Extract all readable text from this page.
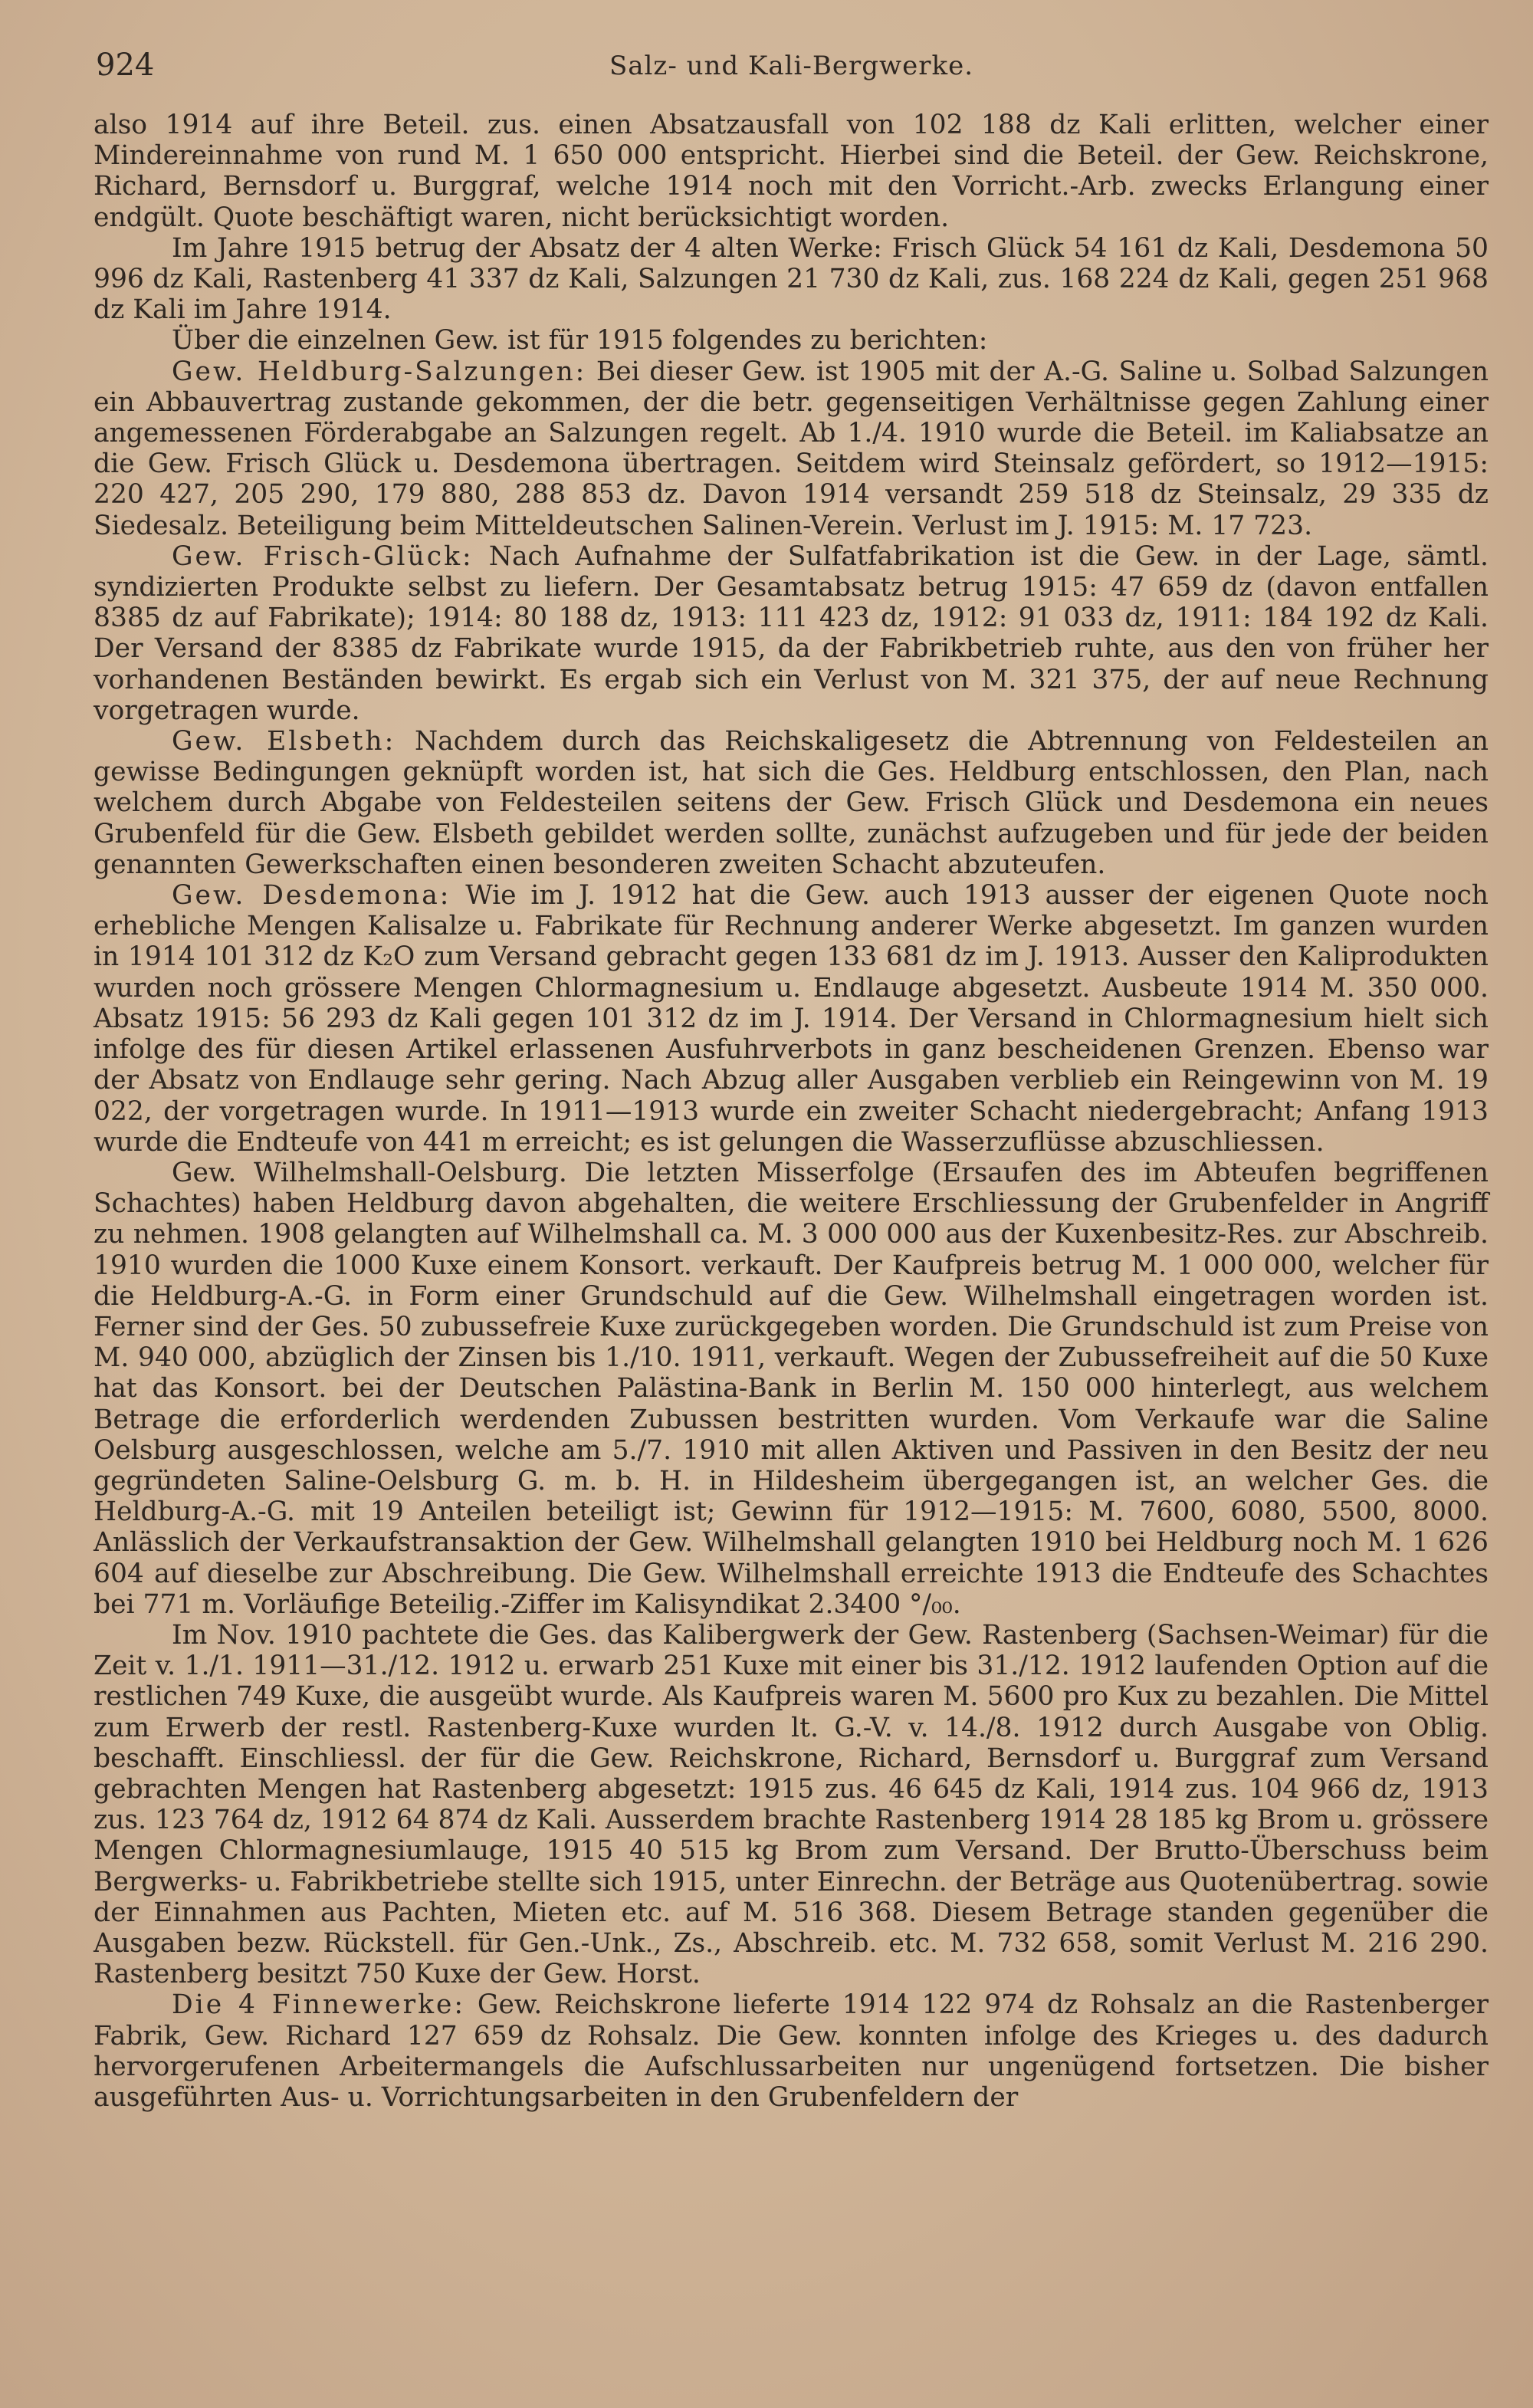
924	Salz- und Kali-Bergwerke.

also 1914 auf ihre Beteil. zus. einen Absatzausfall von 102 188 dz Kali erlitten, welcher einer Mindereinnahme von rund M. 1 650 000 entspricht. Hierbei sind die Beteil. der Gew. Reichskrone, Richard, Bernsdorf u. Burggraf, welche 1914 noch mit den Vorricht.-Arb. zwecks Erlangung einer endgült. Quote beschäftigt waren, nicht berücksichtigt worden.

Im Jahre 1915 betrug der Absatz der 4 alten Werke: Frisch Glück 54 161 dz Kali, Desdemona 50 996 dz Kali, Rastenberg 41 337 dz Kali, Salzungen 21 730 dz Kali, zus. 168 224 dz Kali, gegen 251 968 dz Kali im Jahre 1914.

Über die einzelnen Gew. ist für 1915 folgendes zu berichten:

Gew. Heldburg-Salzungen: Bei dieser Gew. ist 1905 mit der A.-G. Saline u. Solbad Salzungen ein Abbauvertrag zustande gekommen, der die betr. gegenseitigen Verhältnisse gegen Zahlung einer angemessenen Förderabgabe an Salzungen regelt. Ab 1./4. 1910 wurde die Beteil. im Kaliabsatze an die Gew. Frisch Glück u. Desdemona übertragen. Seitdem wird Steinsalz gefördert, so 1912—1915: 220 427, 205 290, 179 880, 288 853 dz. Davon 1914 versandt 259 518 dz Steinsalz, 29 335 dz Siedesalz. Beteiligung beim Mitteldeutschen Salinen-Verein. Verlust im J. 1915: M. 17 723.

Gew. Frisch-Glück: Nach Aufnahme der Sulfatfabrikation ist die Gew. in der Lage, sämtl. syndizierten Produkte selbst zu liefern. Der Gesamtabsatz betrug 1915: 47 659 dz (davon entfallen 8385 dz auf Fabrikate); 1914: 80 188 dz, 1913: 111 423 dz, 1912: 91 033 dz, 1911: 184 192 dz Kali. Der Versand der 8385 dz Fabrikate wurde 1915, da der Fabrikbetrieb ruhte, aus den von früher her vorhandenen Beständen bewirkt. Es ergab sich ein Verlust von M. 321 375, der auf neue Rechnung vorgetragen wurde.

Gew. Elsbeth: Nachdem durch das Reichskaligesetz die Abtrennung von Feldesteilen an gewisse Bedingungen geknüpft worden ist, hat sich die Ges. Heldburg entschlossen, den Plan, nach welchem durch Abgabe von Feldesteilen seitens der Gew. Frisch Glück und Desdemona ein neues Grubenfeld für die Gew. Elsbeth gebildet werden sollte, zunächst aufzugeben und für jede der beiden genannten Gewerkschaften einen besonderen zweiten Schacht abzuteufen.

Gew. Desdemona: Wie im J. 1912 hat die Gew. auch 1913 ausser der eigenen Quote noch erhebliche Mengen Kalisalze u. Fabrikate für Rechnung anderer Werke abgesetzt. Im ganzen wurden in 1914 101 312 dz K₂O zum Versand gebracht gegen 133 681 dz im J. 1913. Ausser den Kaliprodukten wurden noch grössere Mengen Chlormagnesium u. Endlauge abgesetzt. Ausbeute 1914 M. 350 000. Absatz 1915: 56 293 dz Kali gegen 101 312 dz im J. 1914. Der Versand in Chlormagnesium hielt sich infolge des für diesen Artikel erlassenen Ausfuhrverbots in ganz bescheidenen Grenzen. Ebenso war der Absatz von Endlauge sehr gering. Nach Abzug aller Ausgaben verblieb ein Reingewinn von M. 19 022, der vorgetragen wurde. In 1911—1913 wurde ein zweiter Schacht niedergebracht; Anfang 1913 wurde die Endteufe von 441 m erreicht; es ist gelungen die Wasserzuflüsse abzuschliessen.

Gew. Wilhelmshall-Oelsburg. Die letzten Misserfolge (Ersaufen des im Abteufen begriffenen Schachtes) haben Heldburg davon abgehalten, die weitere Erschliessung der Grubenfelder in Angriff zu nehmen. 1908 gelangten auf Wilhelmshall ca. M. 3 000 000 aus der Kuxenbesitz-Res. zur Abschreib. 1910 wurden die 1000 Kuxe einem Konsort. verkauft. Der Kaufpreis betrug M. 1 000 000, welcher für die Heldburg-A.-G. in Form einer Grundschuld auf die Gew. Wilhelmshall eingetragen worden ist. Ferner sind der Ges. 50 zubussefreie Kuxe zurückgegeben worden. Die Grundschuld ist zum Preise von M. 940 000, abzüglich der Zinsen bis 1./10. 1911, verkauft. Wegen der Zubussefreiheit auf die 50 Kuxe hat das Konsort. bei der Deutschen Palästina-Bank in Berlin M. 150 000 hinterlegt, aus welchem Betrage die erforderlich werdenden Zubussen bestritten wurden. Vom Verkaufe war die Saline Oelsburg ausgeschlossen, welche am 5./7. 1910 mit allen Aktiven und Passiven in den Besitz der neu gegründeten Saline-Oelsburg G. m. b. H. in Hildesheim übergegangen ist, an welcher Ges. die Heldburg-A.-G. mit 19 Anteilen beteiligt ist; Gewinn für 1912—1915: M. 7600, 6080, 5500, 8000. Anlässlich der Verkaufstransaktion der Gew. Wilhelmshall gelangten 1910 bei Heldburg noch M. 1 626 604 auf dieselbe zur Abschreibung. Die Gew. Wilhelmshall erreichte 1913 die Endteufe des Schachtes bei 771 m. Vorläufige Beteilig.-Ziffer im Kalisyndikat 2.3400 °/₀₀.

Im Nov. 1910 pachtete die Ges. das Kalibergwerk der Gew. Rastenberg (Sachsen-Weimar) für die Zeit v. 1./1. 1911—31./12. 1912 u. erwarb 251 Kuxe mit einer bis 31./12. 1912 laufenden Option auf die restlichen 749 Kuxe, die ausgeübt wurde. Als Kaufpreis waren M. 5600 pro Kux zu bezahlen. Die Mittel zum Erwerb der restl. Rastenberg-Kuxe wurden lt. G.-V. v. 14./8. 1912 durch Ausgabe von Oblig. beschafft. Einschliessl. der für die Gew. Reichskrone, Richard, Bernsdorf u. Burggraf zum Versand gebrachten Mengen hat Rastenberg abgesetzt: 1915 zus. 46 645 dz Kali, 1914 zus. 104 966 dz, 1913 zus. 123 764 dz, 1912 64 874 dz Kali. Ausserdem brachte Rastenberg 1914 28 185 kg Brom u. grössere Mengen Chlormagnesiumlauge, 1915 40 515 kg Brom zum Versand. Der Brutto-Überschuss beim Bergwerks- u. Fabrikbetriebe stellte sich 1915, unter Einrechn. der Beträge aus Quotenübertrag. sowie der Einnahmen aus Pachten, Mieten etc. auf M. 516 368. Diesem Betrage standen gegenüber die Ausgaben bezw. Rückstell. für Gen.-Unk., Zs., Abschreib. etc. M. 732 658, somit Verlust M. 216 290. Rastenberg besitzt 750 Kuxe der Gew. Horst.

Die 4 Finnewerke: Gew. Reichskrone lieferte 1914 122 974 dz Rohsalz an die Rastenberger Fabrik, Gew. Richard 127 659 dz Rohsalz. Die Gew. konnten infolge des Krieges u. des dadurch hervorgerufenen Arbeitermangels die Aufschlussarbeiten nur ungenügend fortsetzen. Die bisher ausgeführten Aus- u. Vorrichtungsarbeiten in den Grubenfeldern der
